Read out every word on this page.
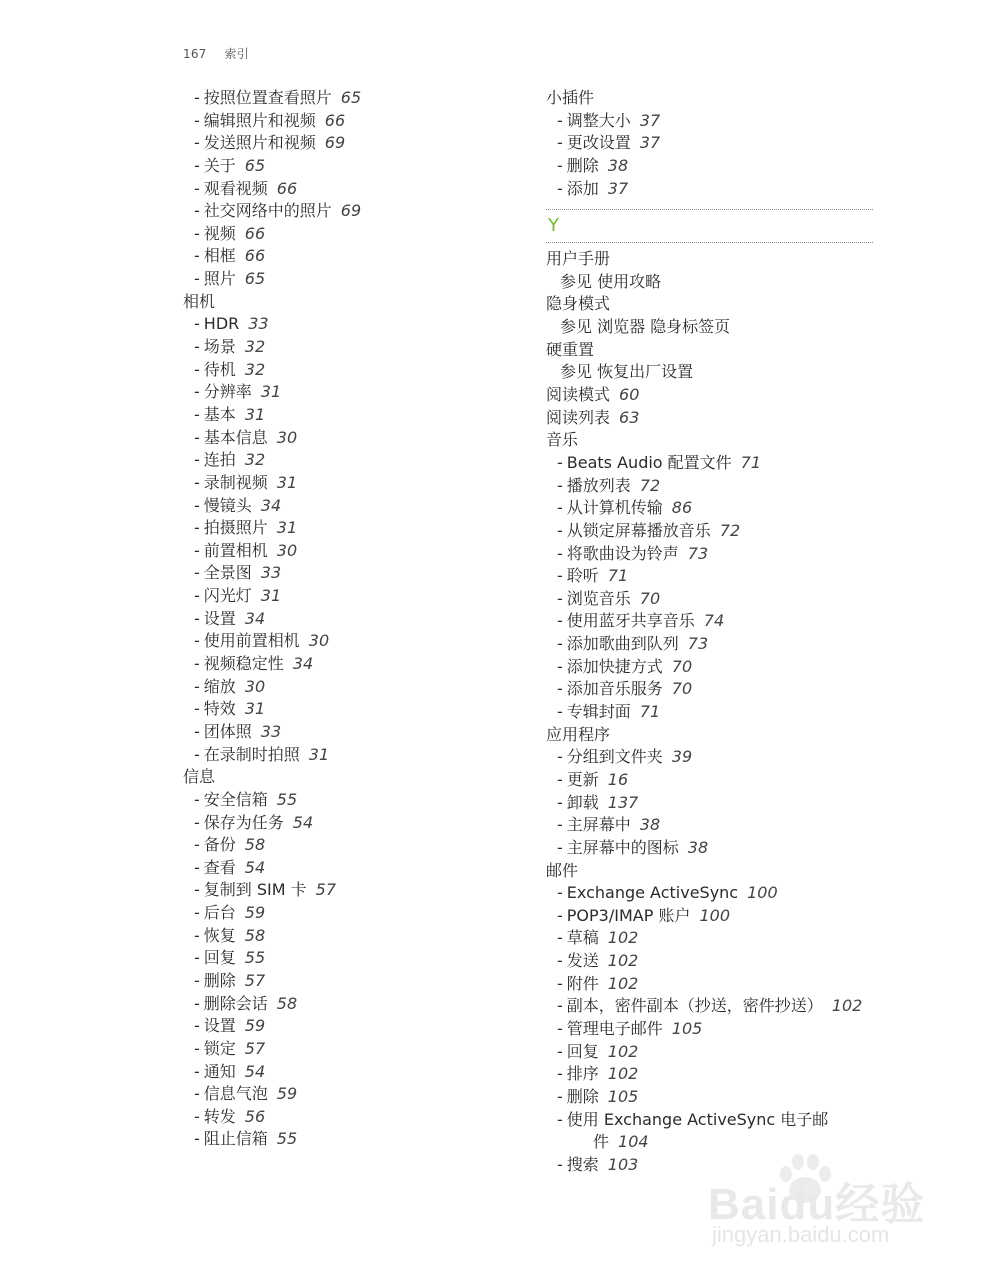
167 索引
- 按照位置查看照片 65
- 编辑照片和视频 66
- 发送照片和视频 69
- 关于 65
- 观看视频 66
- 社交网络中的照片 69
- 视频 66
- 相框 66
- 照片 65
相机
- HDR 33
- 场景 32
- 待机 32
- 分辨率 31
- 基本 31
- 基本信息 30
- 连拍 32
- 录制视频 31
- 慢镜头 34
- 拍摄照片 31
- 前置相机 30
- 全景图 33
- 闪光灯 31
- 设置 34
- 使用前置相机 30
- 视频稳定性 34
- 缩放 30
- 特效 31
- 团体照 33
- 在录制时拍照 31
信息
- 安全信箱 55
- 保存为任务 54
- 备份 58
- 查看 54
- 复制到 SIM 卡 57
- 后台 59
- 恢复 58
- 回复 55
- 删除 57
- 删除会话 58
- 设置 59
- 锁定 57
- 通知 54
- 信息气泡 59
- 转发 56
- 阻止信箱 55
小插件
- 调整大小 37
- 更改设置 37
- 删除 38
- 添加 37
Y
用户手册
参见 使用攻略
隐身模式
参见 浏览器 隐身标签页
硬重置
参见 恢复出厂设置
阅读模式 60
阅读列表 63
音乐
- Beats Audio 配置文件 71
- 播放列表 72
- 从计算机传输 86
- 从锁定屏幕播放音乐 72
- 将歌曲设为铃声 73
- 聆听 71
- 浏览音乐 70
- 使用蓝牙共享音乐 74
- 添加歌曲到队列 73
- 添加快捷方式 70
- 添加音乐服务 70
- 专辑封面 71
应用程序
- 分组到文件夹 39
- 更新 16
- 卸载 137
- 主屏幕中 38
- 主屏幕中的图标 38
邮件
- Exchange ActiveSync 100
- POP3/IMAP 账户 100
- 草稿 102
- 发送 102
- 附件 102
- 副本，密件副本（抄送，密件抄送） 102
- 管理电子邮件 105
- 回复 102
- 排序 102
- 删除 105
- 使用 Exchange ActiveSync 电子邮
件 104
- 搜索 103
Baidu经验
jingyan.baidu.com
